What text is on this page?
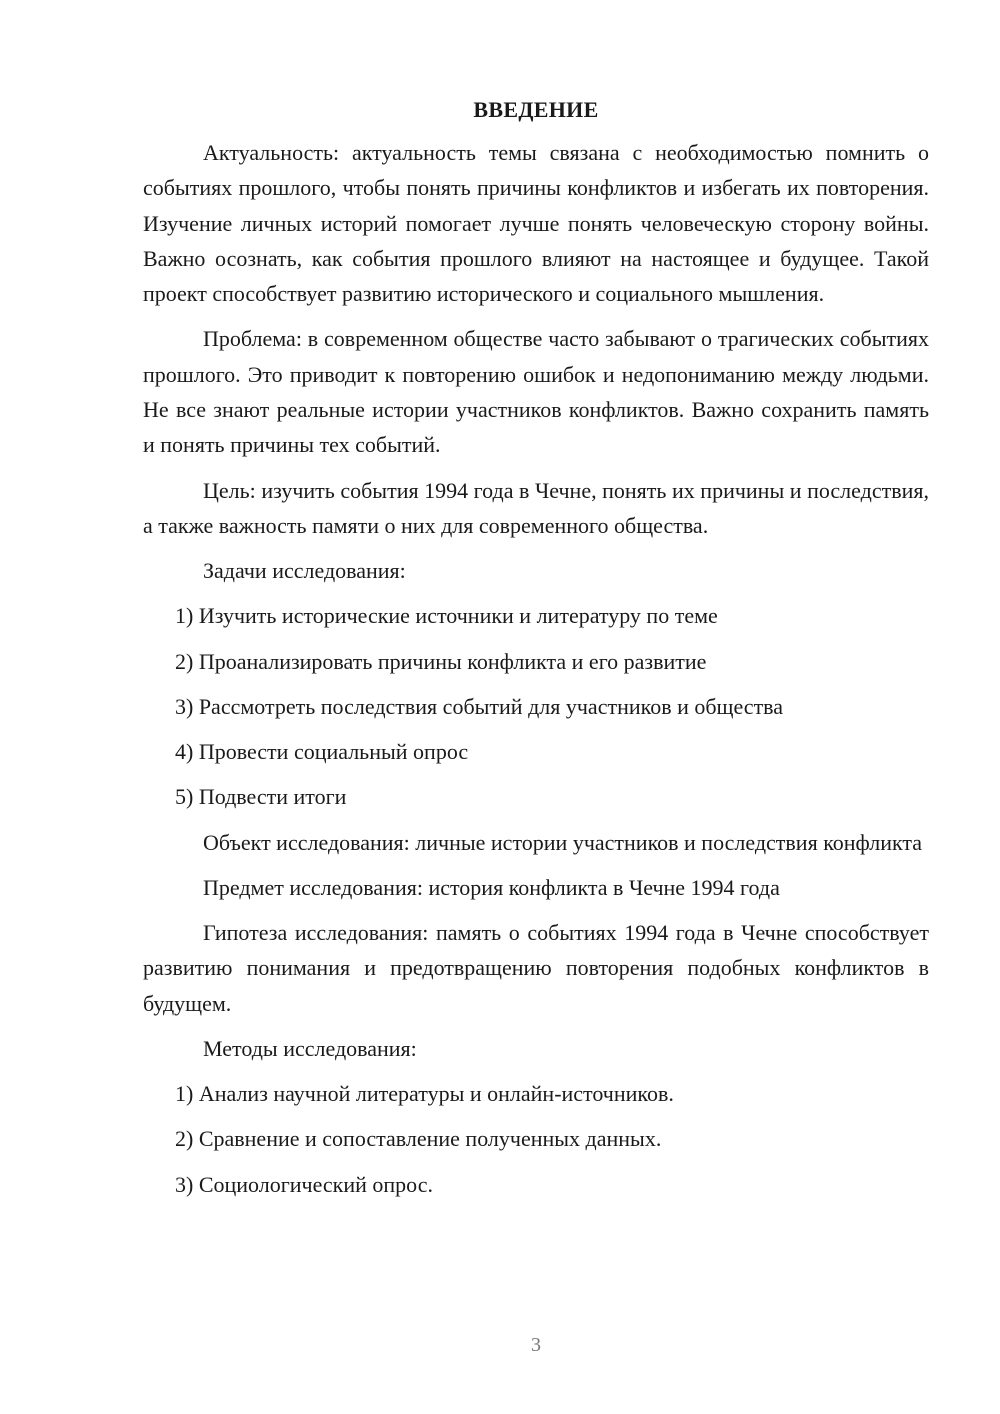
ВВЕДЕНИЕ

Актуальность: актуальность темы связана с необходимостью помнить о событиях прошлого, чтобы понять причины конфликтов и избегать их повторения. Изучение личных историй помогает лучше понять человеческую сторону войны. Важно осознать, как события прошлого влияют на настоящее и будущее. Такой проект способствует развитию исторического и социального мышления.

Проблема: в современном обществе часто забывают о трагических событиях прошлого. Это приводит к повторению ошибок и недопониманию между людьми. Не все знают реальные истории участников конфликтов. Важно сохранить память и понять причины тех событий.

Цель: изучить события 1994 года в Чечне, понять их причины и последствия, а также важность памяти о них для современного общества.

Задачи исследования:
1) Изучить исторические источники и литературу по теме
2) Проанализировать причины конфликта и его развитие
3) Рассмотреть последствия событий для участников и общества
4) Провести социальный опрос
5) Подвести итоги

Объект исследования: личные истории участников и последствия конфликта

Предмет исследования: история конфликта в Чечне 1994 года

Гипотеза исследования: память о событиях 1994 года в Чечне способствует развитию понимания и предотвращению повторения подобных конфликтов в будущем.

Методы исследования:
1) Анализ научной литературы и онлайн-источников.
2) Сравнение и сопоставление полученных данных.
3) Социологический опрос.
3
